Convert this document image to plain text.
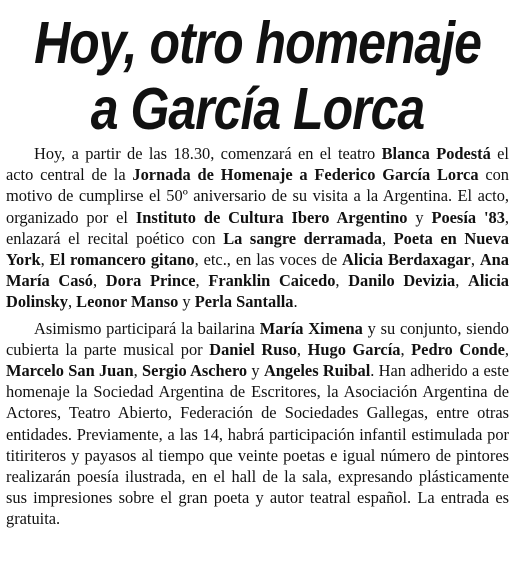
Hoy, otro homenaje
a García Lorca

Hoy, a partir de las 18.30, comenzará en el teatro Blanca Podestá el acto central de la Jornada de Homenaje a Federico García Lorca con motivo de cumplirse el 50º aniversario de su visita a la Argentina. El acto, organizado por el Instituto de Cultura Ibero Argentino y Poesía '83, enlazará el recital poético con La sangre derramada, Poeta en Nueva York, El romancero gitano, etc., en las voces de Alicia Berdaxagar, Ana María Casó, Dora Prince, Franklin Caicedo, Danilo Devizia, Alicia Dolinsky, Leonor Manso y Perla Santalla.

Asimismo participará la bailarina María Ximena y su conjunto, siendo cubierta la parte musical por Daniel Ruso, Hugo García, Pedro Conde, Marcelo San Juan, Sergio Aschero y Angeles Ruibal. Han adherido a este homenaje la Sociedad Argentina de Escritores, la Asociación Argentina de Actores, Teatro Abierto, Federación de Sociedades Gallegas, entre otras entidades. Previamente, a las 14, habrá participación infantil estimulada por titiriteros y payasos al tiempo que veinte poetas e igual número de pintores realizarán poesía ilustrada, en el hall de la sala, expresando plásticamente sus impresiones sobre el gran poeta y autor teatral español. La entrada es gratuita.
